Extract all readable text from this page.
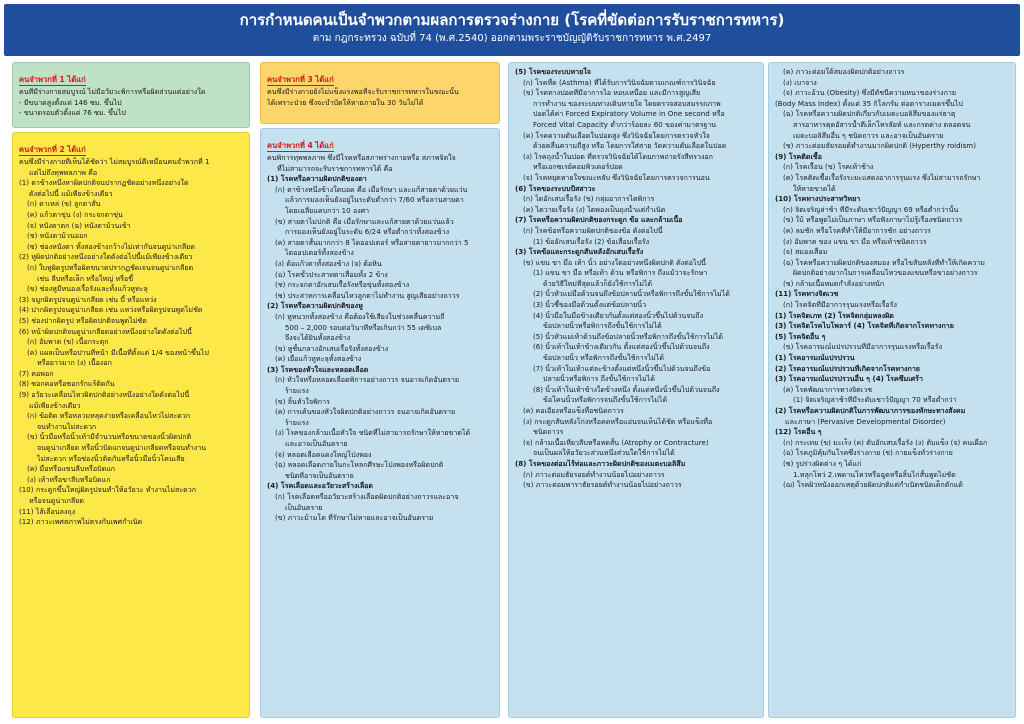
การกำหนดคนเป็นจำพวกตามผลการตรวจร่างกาย (โรคที่ขัดต่อการรับราชการทหาร)
ตาม กฎกระทรวง ฉบับที่ 74 (พ.ศ.2540) ออกตามพระราชบัญญัติรับราชการทหาร พ.ศ.2497
คนจำพวกที่ 1 ได้แก่
คนที่มีร่างกายสมบูรณ์ ไม่มีอวัยวะพิการหรือผิดส่วนแต่อย่างใด
- มีขนาดสูงตั้งแต่ 146 ซม. ขึ้นไป
- ขนาดรอบตัวตั้งแต่ 76 ซม. ขึ้นไป
คนจำพวกที่ 2 ได้แก่
คนซึ่งมีร่างกายที่เห็นได้ชัดว่า ไม่สมบูรณ์ดีเหมือนคนจำพวกที่ 1
แต่ไม่ถึงทุพพลภาพ คือ
(1) ตาข้างหนึ่งหาผิดปกติจนปรากฏชัดอย่างหนึ่งอย่างใด
ดังต่อไปนี้ แม้เพียงข้างเดียว
(ก) ตาเหล่ (ข) ลูกตาสั่น
(ค) แก้วตาขุ่น (ง) กระจกตาขุ่น
(จ) หนังตาตก (ฉ) หนังตาม้วนเข้า
(ช) หนังตาม้วนออก
(ซ) ช่องหนังตา ทั้งสองข้างกว้างไม่เท่ากันจนดูน่าเกลียด
(2) หูผิดปกติอย่างหนึ่งอย่างใดดังต่อไปนี้แม้เพียงข้างเดียว
(ก) ใบหูผิดรูปหรือผิดขนาดปรากฏชัดเจนจนดูน่าเกลียด
เช่น ลีบหรือเล็ก หรือใหญ่ หรือขี้
(ข) ช่องหูมีหนองเรื้อรังและทั้งแก้วหูทะลุ
(3) จมูกผิดรูปจนดูน่าเกลียด เช่น บี้ หรือแหว่ง
(4) ปากผิดรูปจนดูน่าเกลียด เช่น แหว่งหรือผิดรูปจนพูดไม่ชัด
(5) ช่องปากผิดรูป หรือผิดปกติจนพูดไม่ชัด
(6) หน้าผิดปกติจนดูน่าเกลียดอย่างหนึ่งอย่างใดดังต่อไปนี้
(ก) อัมพาต (ข) เนื้อกระตุก
(ค) แผลเป็นหรือปานที่หน้า มีเนื้อที่ตั้งแต่ 1/4 ของหน้าขึ้นไป
หรือยาวมาก (ง) เนื้องอก
(7) คอพอก
(8) ซอกคอหรือซอกรักแร้ติดกัน
(9) อวัยวะเคลื่อนไหวผิดปกติอย่างหนึ่งอย่างใดดังต่อไปนี้
แม้เพียงข้างเดียว
(ก) ข้อติด หรือหลวมหลุดง่ายหรือเคลื่อนไหวไม่สะดวก
จนทำงานไม่สะดวก
(ข) นิ้วมือหรือนิ้วเท้ามีจำนวนหรือขนาดของนิ้วผิดปกติ
จนดูน่าเกลียด หรือนิ้วบิดแกจนดูน่าเกลียดหรือจนทำงาน
ไม่สะดวก หรือช่องนิ้วติดกันหรือนิ้วมือนิ้วโคนเสีย
(ค) มือหรือแขนลีบหรือบิดแก
(ง) เท้าหรือขาลีบหรือบิดแก
(10) กระดูกขึ้นใหญ่ผิดรูปจนทำให้อวัยวะ ทำงานไม่สะดวก
หรือจนดูน่าเกลียด
(11) ไส้เลื่อนลงถุง
(12) ภาวะเพศสภาพไม่ตรงกับเพศกำเนิด
คนจำพวกที่ 3 ได้แก่
คนซึ่งมีร่างกายยังไม่แข็งแรงพอที่จะรับราชการทหารในขณะนั้น
ได้เพราะป่วย ซึ่งจะบำบัดให้หายภายใน 30 วันไม่ได้
คนจำพวกที่ 4 ได้แก่
คนพิการทุพพลภาพ ซึ่งมีโรคหรือสภาพร่างกายหรือ สภาพจิตใจ
ที่ไม่สามารถจะรับราชการทหารได้ คือ
(1) โรคหรือความผิดปกติของตา
(ก) ตาข้างหนึ่งข้างใดบอด คือ เมื่อรักษา และแก้สายตาด้วยแว่น
แล้วการมองเห็นยังอยู่ในระดับต่ำกว่า 7/60 หรือลานสายตา
โดยเฉลี่ยแคบกว่า 10 องศา
(ข) สายตาไม่ปกติ คือ เมื่อรักษาและแก้สายตาด้วยแว่นแล้ว
การมองเห็นยังอยู่ในระดับ 6/24 หรือต่ำกว่าทั้งสองข้าง
(ค) สายตาสั้นมากกว่า 8 ไดออปเตอร์ หรือสายตายาวมากกว่า 5
ไดออปเตอร์ทั้งสองข้าง
(ง) ต้อแก้วตาทั้งสองข้าง (จ) ต้อหิน
(ฉ) โรคขั้วประสาทตาเสื่อมทั้ง 2 ข้าง
(ช) กระจกตาอักเสบเรื้อรังหรือขุ่นทั้งสองข้าง
(ซ) ประสาทการเคลื่อนไหวลูกตาไม่ทำงาน สูญเสียอย่างถาวร
(2) โรคหรือความผิดปกติของหู
(ก) หูหนวกทั้งสองข้าง คือต้องใช้เสียงในช่วงคลื่นความถี่
500 – 2,000 รอบต่อวินาทีหรือเกินกว่า 55 เดซิเบล
จึงจะได้ยินทั้งสองข้าง
(ข) หูชั้นกลางอักเสบเรื้อรังทั้งสองข้าง
(ค) เยื่อแก้วหูทะลุทั้งสองข้าง
(3) โรคของหัวใจและหลอดเลือด
(ก) หัวใจหรือหลอดเลือดพิการอย่างถาวร จนอาจเกิดอันตราย
ร้ายแรง
(ข) ลิ้นหัวใจพิการ
(ค) การเต้นของหัวใจผิดปกติอย่างถาวร จนอาจเกิดอันตราย
ร้ายแรง
(ง) โรคของกล้ามเนื้อหัวใจ ชนิดที่ไม่สามารถรักษาให้หายขาดได้
และอาจเป็นอันตราย
(จ) หลอดเลือดแดงใหญ่โป่งพอง
(ฉ) หลอดเลือดภายในกะโหลกศีรษะโป่งพองหรือผิดปกติ
ชนิดที่อาจเป็นอันตราย
(4) โรคเลือดและอวัยวะสร้างเลือด
(ก) โรคเลือดหรืออวัยวะสร้างเลือดผิดปกติอย่างถาวรและอาจ
เป็นอันตราย
(ข) ภาวะม้ามโต ที่รักษาไม่หายและอาจเป็นอันตราย
(5) โรคของระบบหายใจ
(ก) โรคหืด (Asthma) ที่ได้รับการวินิจฉัยตามเกณฑ์การวินิจฉัย
(ข) โรคทางปอดที่มีอาการไอ หอบเหนื่อย และมีการสูญเสีย
การทำงาน ของระบบทางเดินหายใจ โดยตรวจสอบสมรรถภาพ
ปอดได้ค่า Forced Expiratory Volume in One second หรือ
Forced Vital Capacity ต่ำกว่าร้อยละ 60 ของค่ามาตรฐาน
(ค) โรคความดันเลือดในปอดสูง ซึ่งวินิจฉัยโดยการตรวจหัวใจ
ด้วยคลื่นความถี่สูง หรือ โดยการใส่สาย วัดความดันเลือดในปอด
(ง) โรคถุงน้ำในปอด ที่ตรวจวินิจฉัยได้โดยภาพถ่ายรังสีทรวงอก
หรือเอกซเรย์คอมพิวเตอร์ปอด
(จ) โรคหยุดหายใจขณะหลับ ซึ่งวินิจฉัยโดยการตรวจการนอน
(6) โรคของระบบปัสสาวะ
(ก) ไตอักเสบเรื้อรัง (ข) กลุ่มอาการไตพิการ
(ค) ไตวายเรื้อรัง (ง) ไตพองเป็นถุงน้ำแต่กำเนิด
(7) โรคหรือความผิดปกติของกระดูก ข้อ และกล้ามเนื้อ
(ก) โรคข้อหรือความผิดปกติของข้อ ดังต่อไปนี้
(1) ข้ออักเสบเรื้อรัง (2) ข้อเสื่อมเรื้อรัง
(3) โรคข้อและกระดูกสันหลังอักเสบเรื้อรัง
(ข) แขน ขา มือ เท้า นิ้ว อย่างใดอย่างหนึ่งผิดปกติ ดังต่อไปนี้
(1) แขน ขา มือ หรือเท้า ด้วน หรือพิการ ถึงแม้ว่าจะรักษา
ด้วยวิธีใหม่ที่สุดแล้วก็ยังใช้การไม่ได้
(2) นิ้วหัวแม่มือด้วนจนถึงข้อปลายนิ้วหรือพิการถึงขั้นใช้การไม่ได้
(3) นิ้วชี้ของมือด้วนตั้งแต่ข้อปลายนิ้ว
(4) นิ้วมือในมือข้างเดียวกันตั้งแต่สองนิ้วขึ้นไปด้วนจนถึง
ข้อปลายนิ้วหรือพิการถึงขั้นใช้การไม่ได้
(5) นิ้วหัวแม่เท้าด้วนถึงข้อปลายนิ้วหรือพิการถึงขั้นใช้การไม่ได้
(6) นิ้วเท้าในเท้าข้างเดียวกัน ตั้งแต่สองนิ้วขึ้นไปด้วนจนถึง
ข้อปลายนิ้ว หรือพิการถึงขั้นใช้การไม่ได้
(7) นิ้วเท้าในเท้าแต่ละข้างตั้งแต่หนึ่งนิ้วขึ้นไปด้วนจนถึงข้อ
ปลายนิ้วหรือพิการ ถึงขั้นใช้การไม่ได้
(8) นิ้วเท้าในเท้าข้างใดข้างหนึ่ง ตั้งแต่หนึ่งนิ้วขึ้นไปด้วนจนถึง
ข้อโคนนิ้วหรือพิการจนถึงขั้นใช้การไม่ได้
(ค) คอเอียงหรือแข็งทื่อชนิดถาวร
(ง) กระดูกสันหลังโก่งหรือคดหรือแอ่นจนเห็นได้ชัด หรือแข็งทื่อ
ชนิดถาวร
(จ) กล้ามเนื้อเหี่ยวลีบหรือหดสั้น (Atrophy or Contracture)
จนเป็นผลให้อวัยวะส่วนหนึ่งส่วนใดใช้การไม่ได้
(8) โรคของต่อมไร้ท่อและภาวะผิดปกติของเมตะบอลิสึม
(ก) ภาวะต่อมธัยรอยด์ทำงานน้อยไปอย่างถาวร
(ข) ภาวะต่อมพาราธัยรอยด์ทำงานน้อยไปอย่างถาวร
(ค) ภาวะต่อมใต้สมองผิดปกติอย่างถาวร
(ง) เบาจาง
(จ) ภาวะอ้วน (Obesity) ซึ่งมีดัชนีความหนาของร่างกาย
(Body Mass Index) ตั้งแต่ 35 กิโลกรัม ต่อตารางเมตรขึ้นไป
(ฉ) โรคหรือความผิดปกติเกี่ยวกับเมตะบอลิสึมของแร่ธาตุ
สารอาหารคุดอัสารน้ำตีเล็กโทรลัยท์ และกรดด่าง ตลอดจน
เมตะบอลิสึมอื่น ๆ ชนิดถาวร และอาจเป็นอันตราย
(ช) ภาวะต่อมธัยรอยด์ทำงานมากผิดปกติ (Hyperthy roidism)
(9) โรคติดเชื้อ
(ก) โรคเรื้อน (ข) โรคเท้าช้าง
(ค) โรคติดเชื้อเรื้อรังระยะแสดงอาการรุนแรง ซึ่งไม่สามารถรักษา
ให้หายขาดได้
(10) โรคทางประสาทวิทยา
(ก) จิตเจริญล่าช้า ที่มีระดับเชาว์ปัญญา 69 หรือต่ำกว่านั้น
(ข) ใบ้ หรือพูดไม่เป็นภาษา หรือฟังภาษาไม่รู้เรื่องชนิดถาวร
(ค) ลมชัก หรือโรคที่ทำให้มีอาการชัก อย่างถาวร
(ง) อัมพาต ของ แขน ขา มือ หรือเท้าชนิดถาวร
(จ) สมองเสื่อม
(ฉ) โรคหรือความผิดปกติของสมอง หรือไขสันหลังที่ทำให้เกิดความ
ผิดปกติอย่างมากในการเคลื่อนไหวของแขนหรือขาอย่างถาวร
(ช) กล้ามเนื้อหมดกำลังอย่างหนัก
(11) โรคทางจิตเวช
(ก) โรคจิตที่มีอาการรุนแรงหรือเรื้อรัง
(1) โรคจิตเภท (2) โรคจิตกลุ่มหลงผิด
(3) โรคจิตโรคไบโพลาร์ (4) โรคจิตที่เกิดจากโรคทางกาย
(5) โรคจิตอื่น ๆ
(ข) โรคอารมณ์แปรปรวนที่มีอาการรุนแรงหรือเรื้อรัง
(1) โรคอารมณ์แปรปรวน
(2) โรคอารมณ์แปรปรวนที่เกิดจากโรคทางกาย
(3) โรคอารมณ์แปรปรวนอื่น ๆ (4) โรคซึมเศร้า
(ค) โรคพัฒนาการทางจิตเวช
(1) จิตเจริญล่าช้าที่มีระดับเชาว์ปัญญา 70 หรือต่ำกว่า
(2) โรคหรือความผิดปกติในการพัฒนาการของทักษะทางสังคม
และภาษา (Pervasive Developmental Disorder)
(12) โรคอื่น ๆ
(ก) กระเทย (ข) มะเร็ง (ค) ตับอักเสบเรื้อรัง (ง) ตับแข็ง (จ) คนเผือก
(ฉ) โรคภูมิคุ้มกันโรคซึ่งร่างกาย (ช) กายแข็งทั่วร่างกาย
(ซ) รูปร่างผิดต่าง ๆ ได้แก่
1.หลุกโหว่ 2.เพดานโหว่หรือฉูดหรือลิ้นไก่สั้นพูดไม่ชัด
(ฌ) โรคผิวหนังออกเหตุด้วยผิดปกติแต่กำเนิดชนิดเด็กดักแด้
